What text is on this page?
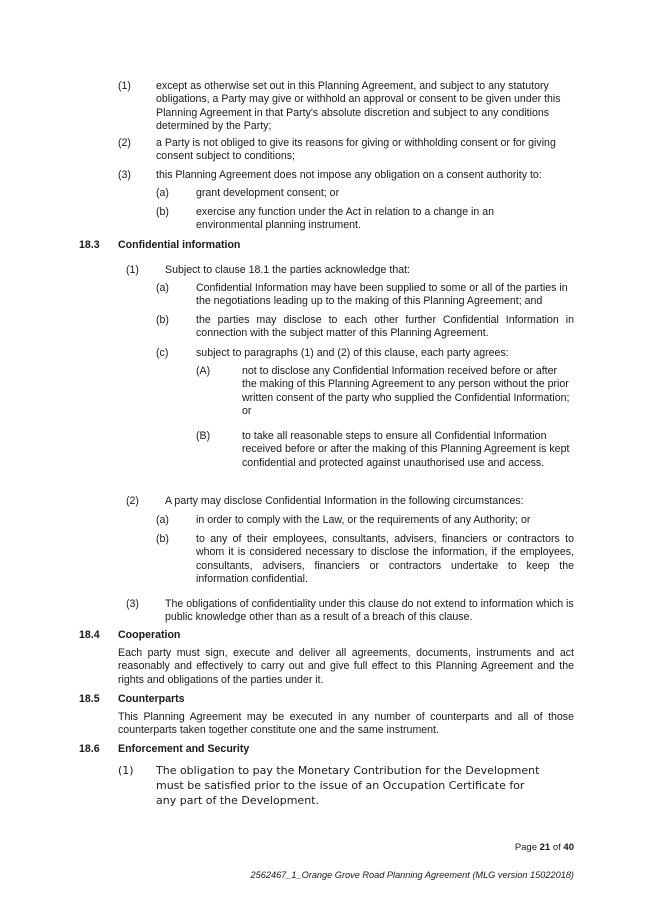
(1) except as otherwise set out in this Planning Agreement, and subject to any statutory obligations, a Party may give or withhold an approval or consent to be given under this Planning Agreement in that Party's absolute discretion and subject to any conditions determined by the Party;
(2) a Party is not obliged to give its reasons for giving or withholding consent or for giving consent subject to conditions;
(3) this Planning Agreement does not impose any obligation on a consent authority to:
(a)	grant development consent; or
(b)	exercise any function under the Act in relation to a change in an environmental planning instrument.
18.3 Confidential information
(1) Subject to clause 18.1 the parties acknowledge that:
(a)	Confidential Information may have been supplied to some or all of the parties in the negotiations leading up to the making of this Planning Agreement; and
(b)	the parties may disclose to each other further Confidential Information in connection with the subject matter of this Planning Agreement.
(c)	subject to paragraphs (1) and (2) of this clause, each party agrees:
(A)	not to disclose any Confidential Information received before or after the making of this Planning Agreement to any person without the prior written consent of the party who supplied the Confidential Information; or
(B)	to take all reasonable steps to ensure all Confidential Information received before or after the making of this Planning Agreement is kept confidential and protected against unauthorised use and access.
(2) A party may disclose Confidential Information in the following circumstances:
(a)	in order to comply with the Law, or the requirements of any Authority; or
(b)	to any of their employees, consultants, advisers, financiers or contractors to whom it is considered necessary to disclose the information, if the employees, consultants, advisers, financiers or contractors undertake to keep the information confidential.
(3) The obligations of confidentiality under this clause do not extend to information which is public knowledge other than as a result of a breach of this clause.
18.4 Cooperation
Each party must sign, execute and deliver all agreements, documents, instruments and act reasonably and effectively to carry out and give full effect to this Planning Agreement and the rights and obligations of the parties under it.
18.5 Counterparts
This Planning Agreement may be executed in any number of counterparts and all of those counterparts taken together constitute one and the same instrument.
18.6 Enforcement and Security
(1) The obligation to pay the Monetary Contribution for the Development must be satisfied prior to the issue of an Occupation Certificate for any part of the Development.
Page 21 of 40
2562467_1_Orange Grove Road Planning Agreement (MLG version 15022018)
